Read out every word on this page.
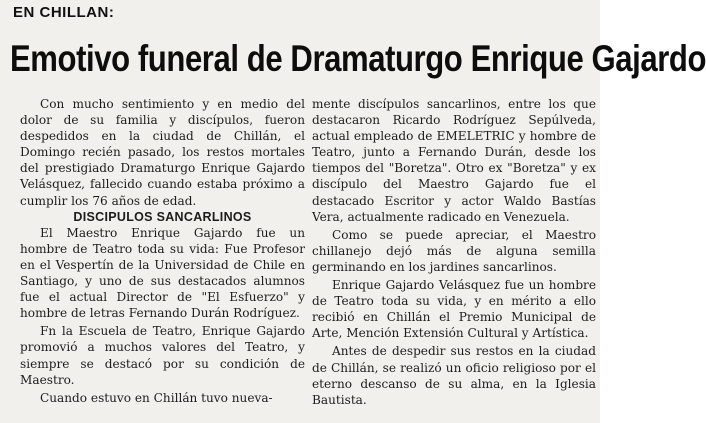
EN CHILLAN:
Emotivo funeral de Dramaturgo Enrique Gajardo

Con mucho sentimiento y en medio del dolor de su familia y discípulos, fueron despedidos en la ciudad de Chillán, el Domingo recién pasado, los restos mortales del prestigiado Dramaturgo Enrique Gajardo Velásquez, fallecido cuando estaba próximo a cumplir los 76 años de edad.

DISCIPULOS SANCARLINOS

El Maestro Enrique Gajardo fue un hombre de Teatro toda su vida: Fue Profesor en el Vespertín de la Universidad de Chile en Santiago, y uno de sus destacados alumnos fue el actual Director de "El Esfuerzo" y hombre de letras Fernando Durán Rodríguez.

Fn la Escuela de Teatro, Enrique Gajardo promovió a muchos valores del Teatro, y siempre se destacó por su condición de Maestro.

Cuando estuvo en Chillán tuvo nueva-

mente discípulos sancarlinos, entre los que destacaron Ricardo Rodríguez Sepúlveda, actual empleado de EMELETRIC y hombre de Teatro, junto a Fernando Durán, desde los tiempos del "Boretza". Otro ex "Boretza" y ex discípulo del Maestro Gajardo fue el destacado Escritor y actor Waldo Bastías Vera, actualmente radicado en Venezuela.

Como se puede apreciar, el Maestro chillanejo dejó más de alguna semilla germinando en los jardines sancarlinos.

Enrique Gajardo Velásquez fue un hombre de Teatro toda su vida, y en mérito a ello recibió en Chillán el Premio Municipal de Arte, Mención Extensión Cultural y Artística.

Antes de despedir sus restos en la ciudad de Chillán, se realizó un oficio religioso por el eterno descanso de su alma, en la Iglesia Bautista.
